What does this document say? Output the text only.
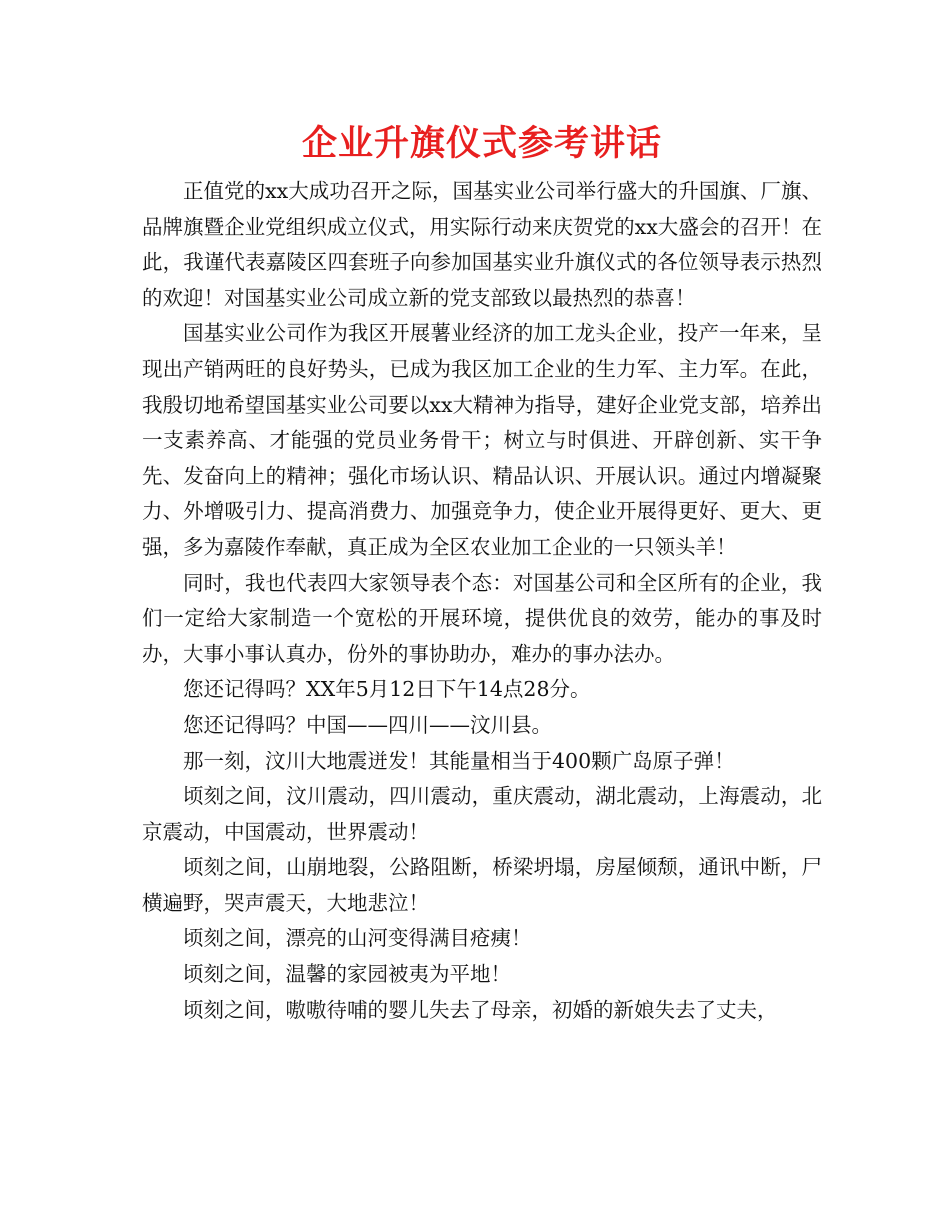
企业升旗仪式参考讲话

正值党的xx大成功召开之际，国基实业公司举行盛大的升国旗、厂旗、品牌旗暨企业党组织成立仪式，用实际行动来庆贺党的xx大盛会的召开！在此，我谨代表嘉陵区四套班子向参加国基实业升旗仪式的各位领导表示热烈的欢迎！对国基实业公司成立新的党支部致以最热烈的恭喜！

国基实业公司作为我区开展薯业经济的加工龙头企业，投产一年来，呈现出产销两旺的良好势头，已成为我区加工企业的生力军、主力军。在此，我殷切地希望国基实业公司要以xx大精神为指导，建好企业党支部，培养出一支素养高、才能强的党员业务骨干；树立与时俱进、开辟创新、实干争先、发奋向上的精神；强化市场认识、精品认识、开展认识。通过内增凝聚力、外增吸引力、提高消费力、加强竞争力，使企业开展得更好、更大、更强，多为嘉陵作奉献，真正成为全区农业加工企业的一只领头羊！

同时，我也代表四大家领导表个态：对国基公司和全区所有的企业，我们一定给大家制造一个宽松的开展环境，提供优良的效劳，能办的事及时办，大事小事认真办，份外的事协助办，难办的事办法办。

您还记得吗？XX年5月12日下午14点28分。

您还记得吗？中国——四川——汶川县。

那一刻，汶川大地震迸发！其能量相当于400颗广岛原子弹！

顷刻之间，汶川震动，四川震动，重庆震动，湖北震动，上海震动，北京震动，中国震动，世界震动！

顷刻之间，山崩地裂，公路阻断，桥梁坍塌，房屋倾颓，通讯中断，尸横遍野，哭声震天，大地悲泣！

顷刻之间，漂亮的山河变得满目疮痍！

顷刻之间，温馨的家园被夷为平地！

顷刻之间，嗷嗷待哺的婴儿失去了母亲，初婚的新娘失去了丈夫，
